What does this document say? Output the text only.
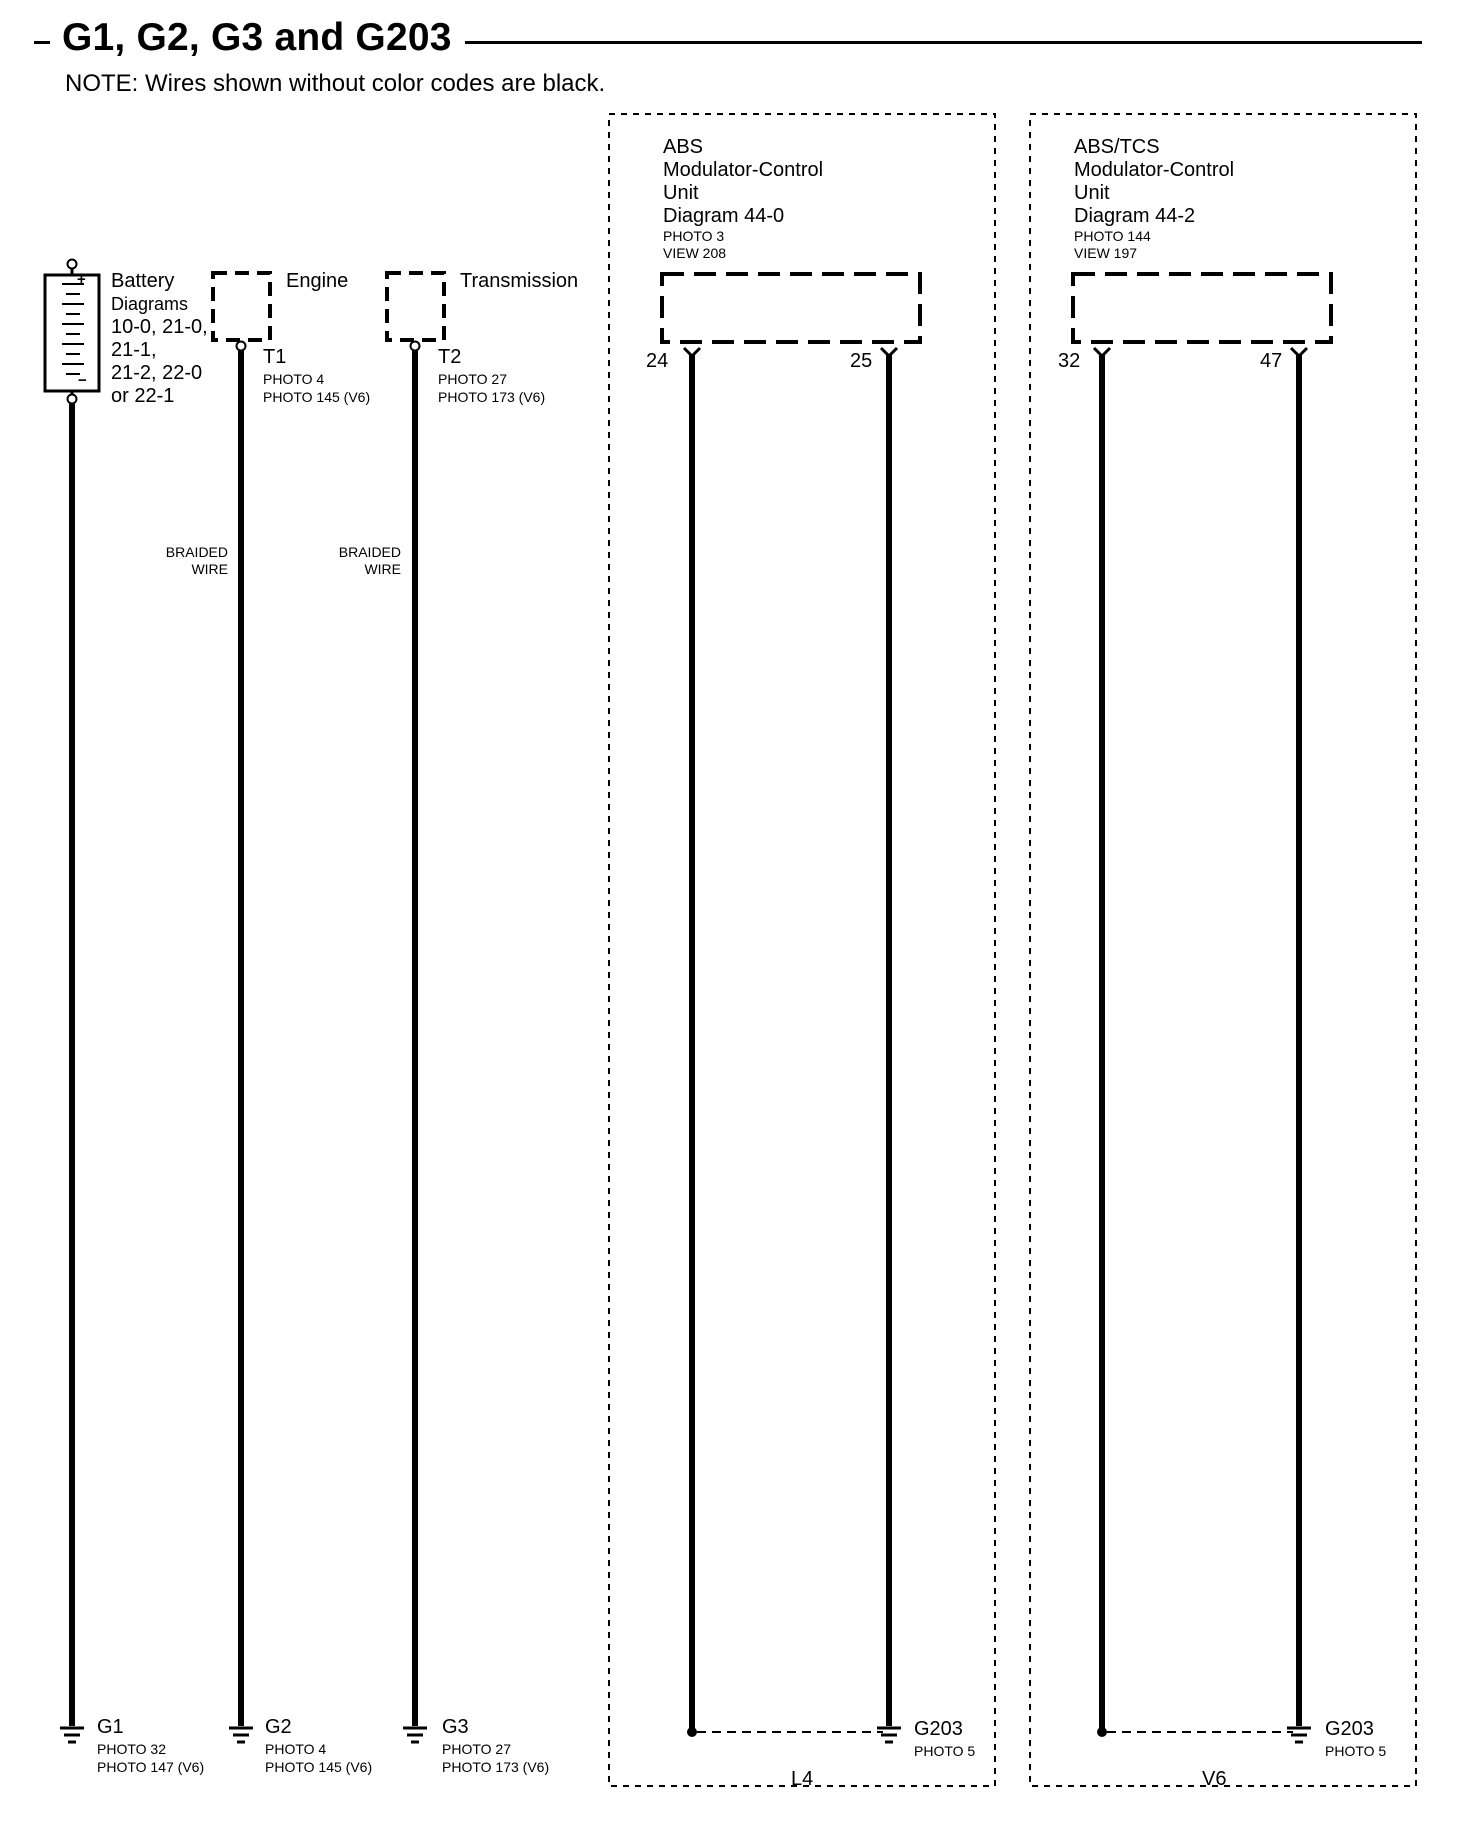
G1, G2, G3 and G203
NOTE: Wires shown without color codes are black.
+
−
Battery
Diagrams
10-0, 21-0,
21-1,
21-2, 22-0
or 22-1
Engine
T1
PHOTO 4
PHOTO 145 (V6)
BRAIDED
WIRE
Transmission
T2
PHOTO 27
PHOTO 173 (V6)
BRAIDED
WIRE
ABS
Modulator-Control
Unit
Diagram 44-0
PHOTO 3
VIEW 208
24	25
L4
ABS/TCS
Modulator-Control
Unit
Diagram 44-2
PHOTO 144
VIEW 197
32	47
V6
G1
PHOTO 32
PHOTO 147 (V6)
G2
PHOTO 4
PHOTO 145 (V6)
G3
PHOTO 27
PHOTO 173 (V6)
G203
PHOTO 5
G203
PHOTO 5
